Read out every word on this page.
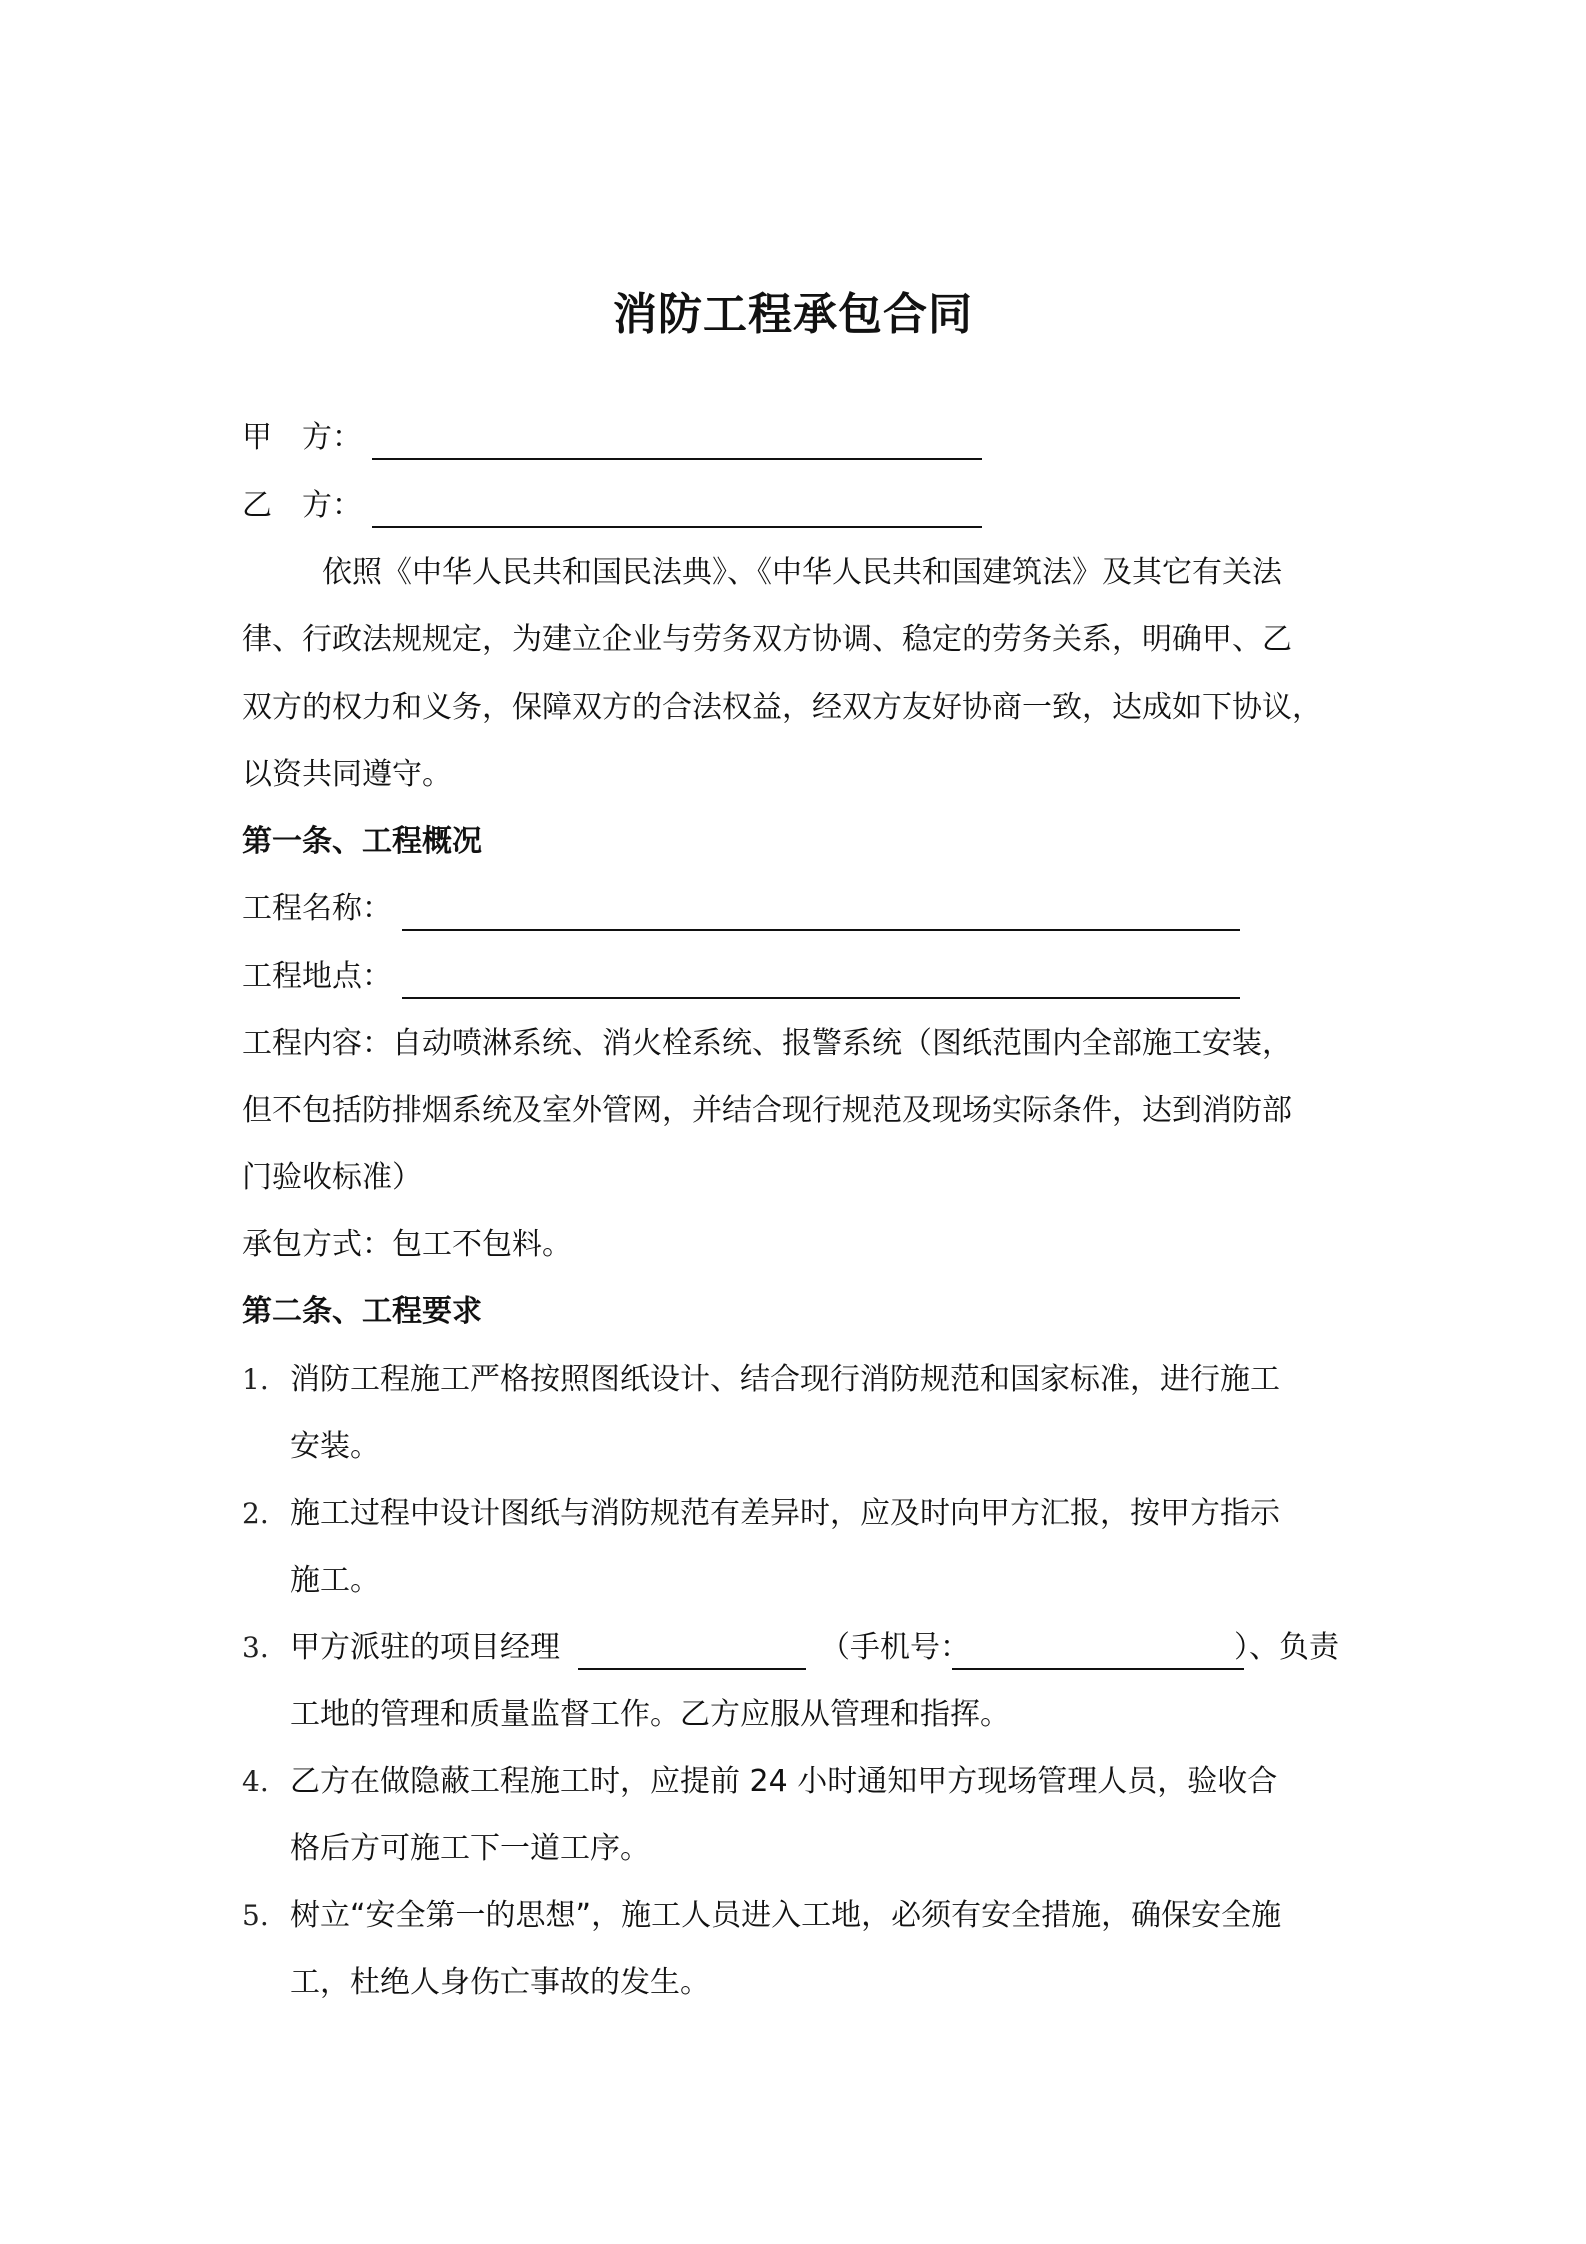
消防工程承包合同
甲　方：
乙　方：
依照《中华人民共和国民法典》、《中华人民共和国建筑法》及其它有关法
律、行政法规规定，为建立企业与劳务双方协调、稳定的劳务关系，明确甲、乙
双方的权力和义务，保障双方的合法权益，经双方友好协商一致，达成如下协议，
以资共同遵守。
第一条、工程概况
工程名称：
工程地点：
工程内容：自动喷淋系统、消火栓系统、报警系统（图纸范围内全部施工安装，
但不包括防排烟系统及室外管网，并结合现行规范及现场实际条件，达到消防部
门验收标准）
承包方式：包工不包料。
第二条、工程要求
1. 消防工程施工严格按照图纸设计、结合现行消防规范和国家标准，进行施工
安装。
2. 施工过程中设计图纸与消防规范有差异时，应及时向甲方汇报，按甲方指示
施工。
3. 甲方派驻的项目经理	（手机号：	）、负责
工地的管理和质量监督工作。乙方应服从管理和指挥。
4. 乙方在做隐蔽工程施工时，应提前 24 小时通知甲方现场管理人员，验收合
格后方可施工下一道工序。
5. 树立“安全第一的思想”，施工人员进入工地，必须有安全措施，确保安全施
工，杜绝人身伤亡事故的发生。
